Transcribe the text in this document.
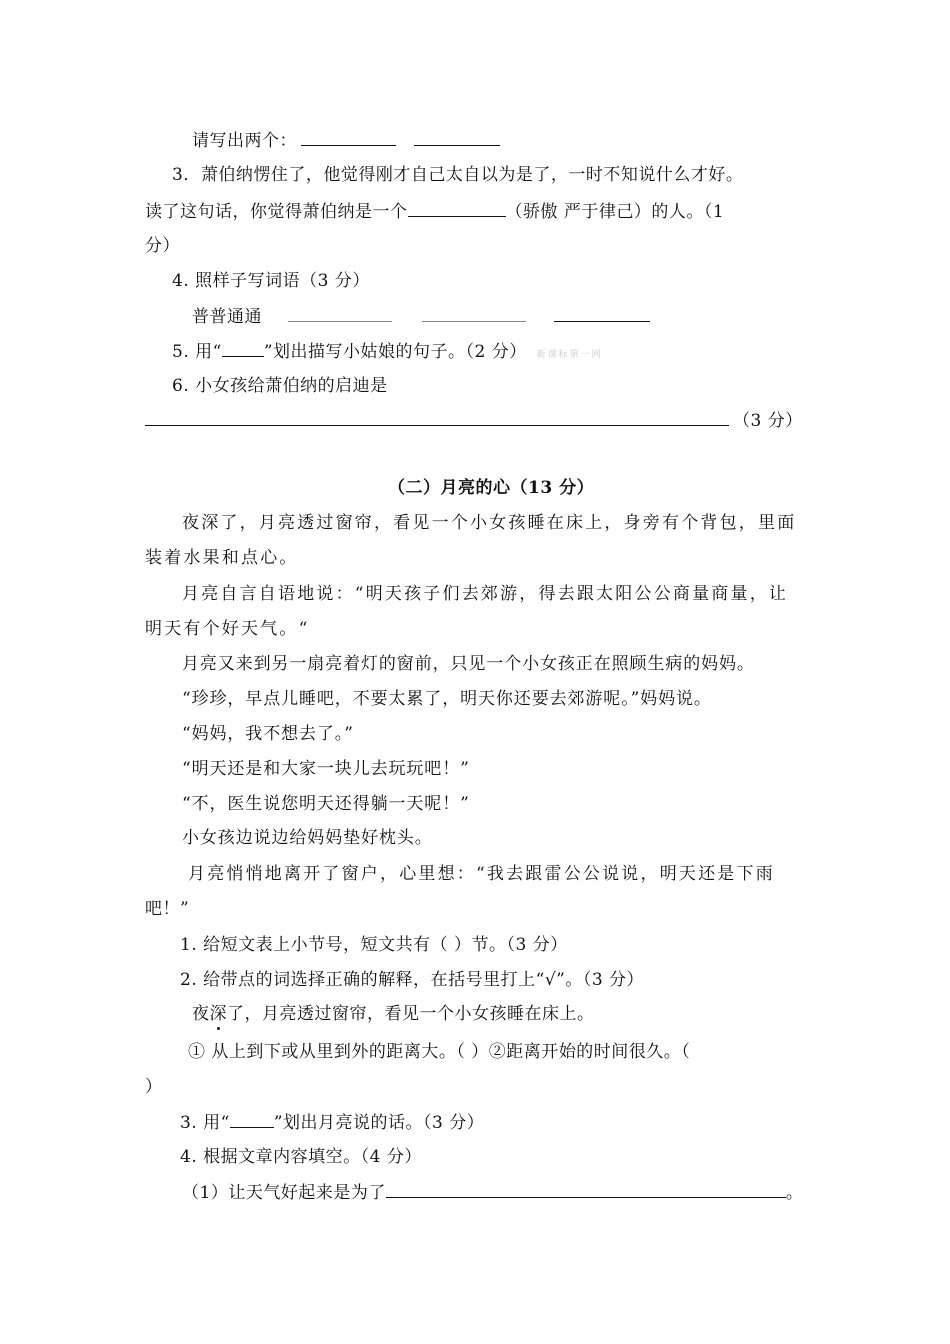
请写出两个：
3．萧伯纳愣住了，他觉得刚才自己太自以为是了，一时不知说什么才好。
读了这句话，你觉得萧伯纳是一个	（骄傲 严于律己）的人。（1
分）
4. 照样子写词语（3 分）
普普通通
5. 用“ ”划出描写小姑娘的句子。（2 分） 新课标第一网
6. 小女孩给萧伯纳的启迪是
（3 分）
（二）月亮的心（13 分）
夜深了，月亮透过窗帘，看见一个小女孩睡在床上，身旁有个背包，里面
装着水果和点心。
月亮自言自语地说：“明天孩子们去郊游，得去跟太阳公公商量商量，让
明天有个好天气。“
月亮又来到另一扇亮着灯的窗前，只见一个小女孩正在照顾生病的妈妈。
“珍珍，早点儿睡吧，不要太累了，明天你还要去郊游呢。”妈妈说。
“妈妈，我不想去了。”
“明天还是和大家一块儿去玩玩吧！”
“不，医生说您明天还得躺一天呢！”
小女孩边说边给妈妈垫好枕头。
月亮悄悄地离开了窗户，心里想：“我去跟雷公公说说，明天还是下雨
吧！”
1. 给短文表上小节号，短文共有（ ）节。（3 分）
2. 给带点的词选择正确的解释，在括号里打上“√”。（3 分）
夜深了，月亮透过窗帘，看见一个小女孩睡在床上。
① 从上到下或从里到外的距离大。（ ）②距离开始的时间很久。（
）
3. 用“	”划出月亮说的话。（3 分）
4. 根据文章内容填空。（4 分）
（1）让天气好起来是为了	。
